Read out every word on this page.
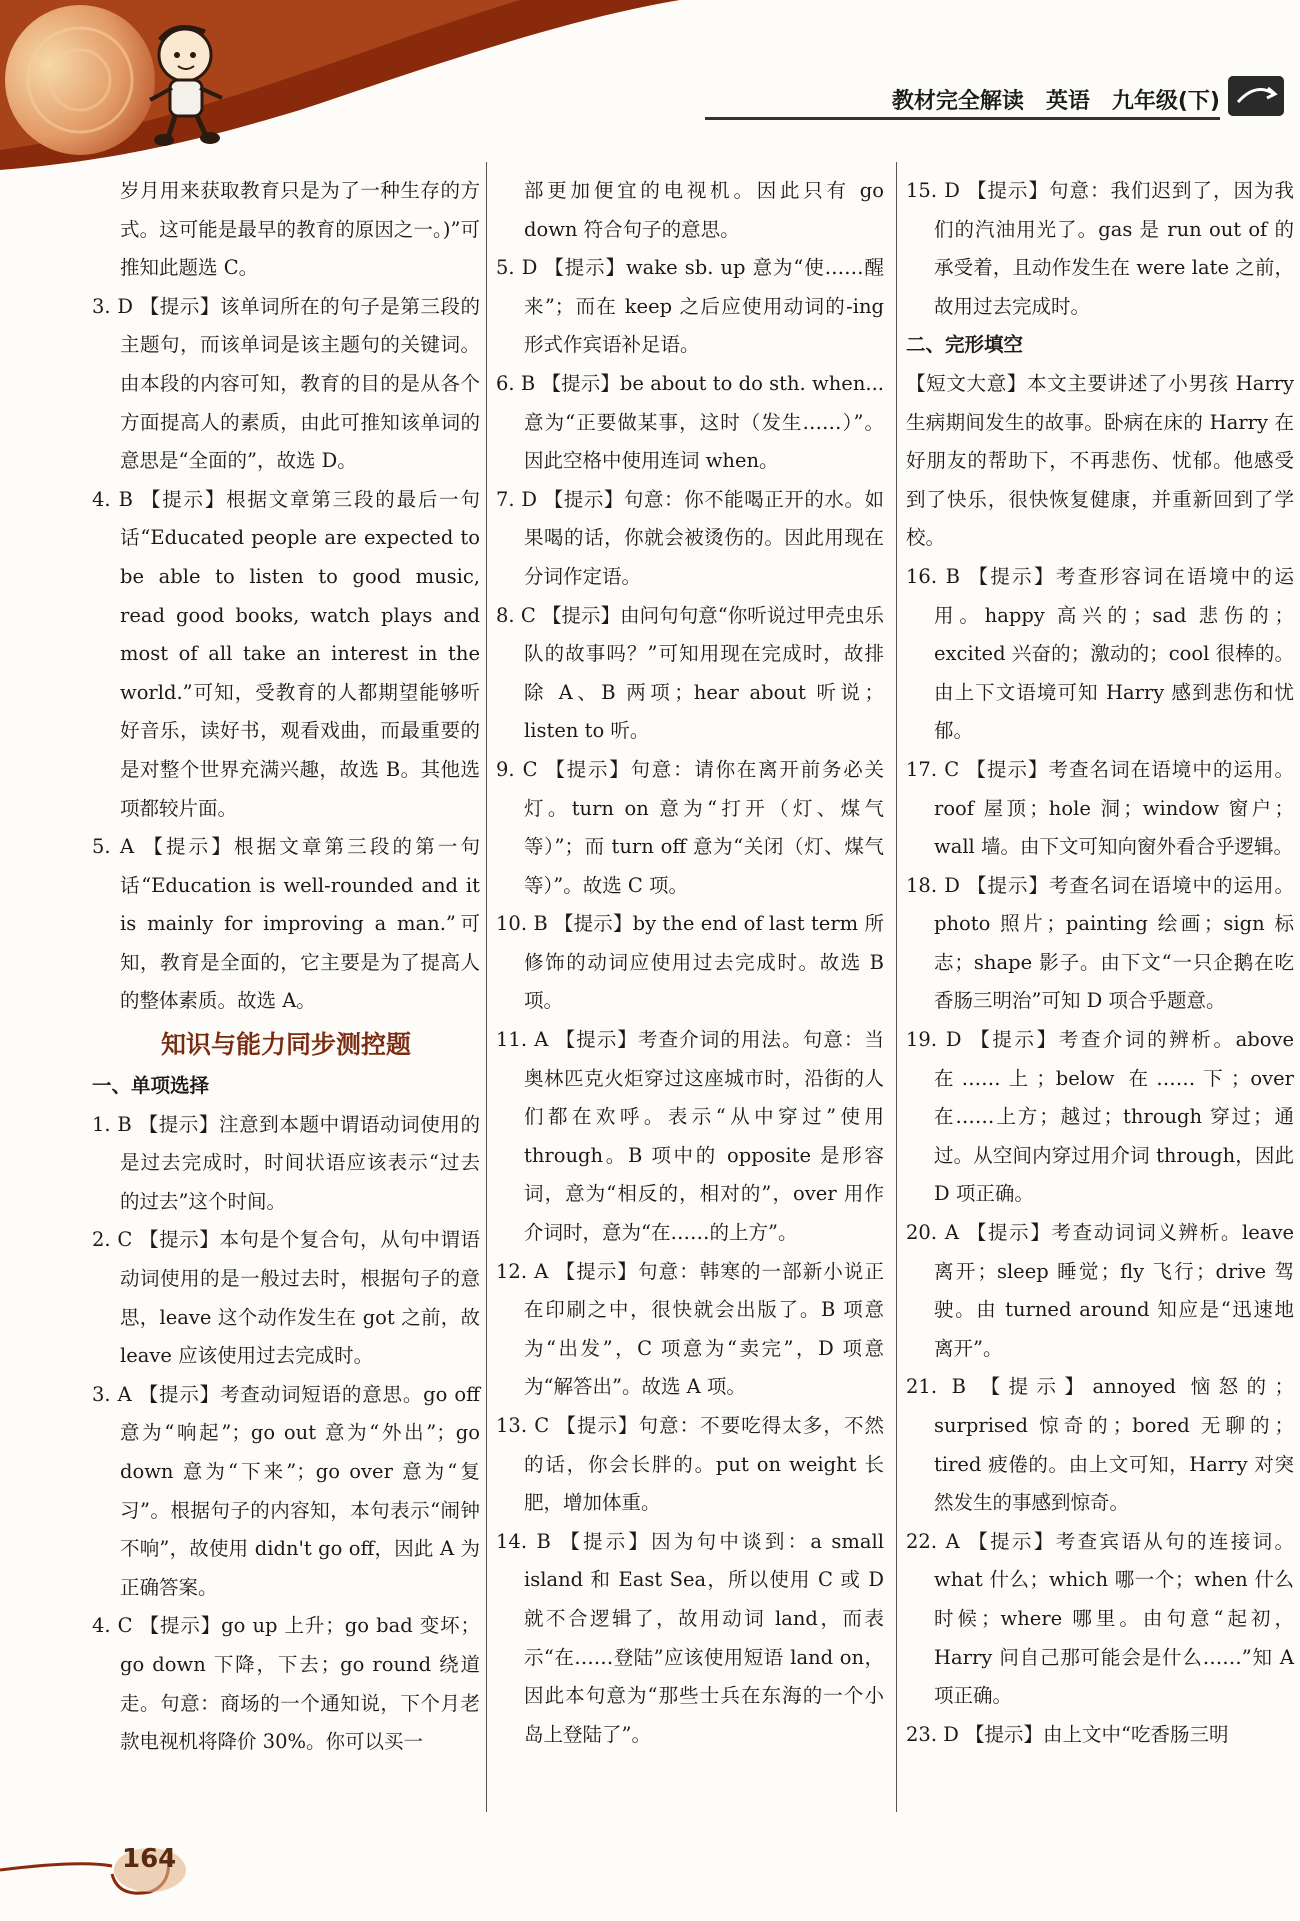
教材完全解读 英语 九年级(下)

岁月用来获取教育只是为了一种生存的方式。这可能是最早的教育的原因之一。)”可推知此题选 C。

3. D 【提示】该单词所在的句子是第三段的主题句，而该单词是该主题句的关键词。由本段的内容可知，教育的目的是从各个方面提高人的素质，由此可推知该单词的意思是“全面的”，故选 D。

4. B 【提示】根据文章第三段的最后一句话“Educated people are expected to be able to listen to good music, read good books, watch plays and most of all take an interest in the world.”可知，受教育的人都期望能够听好音乐，读好书，观看戏曲，而最重要的是对整个世界充满兴趣，故选 B。其他选项都较片面。

5. A 【提示】根据文章第三段的第一句话“Education is well-rounded and it is mainly for improving a man.”可知，教育是全面的，它主要是为了提高人的整体素质。故选 A。

知识与能力同步测控题

一、单项选择

1. B 【提示】注意到本题中谓语动词使用的是过去完成时，时间状语应该表示“过去的过去”这个时间。

2. C 【提示】本句是个复合句，从句中谓语动词使用的是一般过去时，根据句子的意思，leave 这个动作发生在 got 之前，故 leave 应该使用过去完成时。

3. A 【提示】考查动词短语的意思。go off 意为“响起”；go out 意为“外出”；go down 意为“下来”；go over 意为“复习”。根据句子的内容知，本句表示“闹钟不响”，故使用 didn't go off，因此 A 为正确答案。

4. C 【提示】go up 上升；go bad 变坏；go down 下降，下去；go round 绕道走。句意：商场的一个通知说，下个月老款电视机将降价 30%。你可以买一

部更加便宜的电视机。因此只有 go down 符合句子的意思。

5. D 【提示】wake sb. up 意为“使……醒来”；而在 keep 之后应使用动词的-ing 形式作宾语补足语。

6. B 【提示】be about to do sth. when... 意为“正要做某事，这时（发生……）”。因此空格中使用连词 when。

7. D 【提示】句意：你不能喝正开的水。如果喝的话，你就会被烫伤的。因此用现在分词作定语。

8. C 【提示】由问句句意“你听说过甲壳虫乐队的故事吗？”可知用现在完成时，故排除 A、B 两项；hear about 听说；listen to 听。

9. C 【提示】句意：请你在离开前务必关灯。turn on 意为“打开（灯、煤气等）”；而 turn off 意为“关闭（灯、煤气等）”。故选 C 项。

10. B 【提示】by the end of last term 所修饰的动词应使用过去完成时。故选 B 项。

11. A 【提示】考查介词的用法。句意：当奥林匹克火炬穿过这座城市时，沿街的人们都在欢呼。表示“从中穿过”使用 through。B 项中的 opposite 是形容词，意为“相反的，相对的”，over 用作介词时，意为“在……的上方”。

12. A 【提示】句意：韩寒的一部新小说正在印刷之中，很快就会出版了。B 项意为“出发”，C 项意为“卖完”，D 项意为“解答出”。故选 A 项。

13. C 【提示】句意：不要吃得太多，不然的话，你会长胖的。put on weight 长肥，增加体重。

14. B 【提示】因为句中谈到：a small island 和 East Sea，所以使用 C 或 D 就不合逻辑了，故用动词 land，而表示“在……登陆”应该使用短语 land on，因此本句意为“那些士兵在东海的一个小岛上登陆了”。

15. D 【提示】句意：我们迟到了，因为我们的汽油用光了。gas 是 run out of 的承受着，且动作发生在 were late 之前，故用过去完成时。

二、完形填空

【短文大意】本文主要讲述了小男孩 Harry 生病期间发生的故事。卧病在床的 Harry 在好朋友的帮助下，不再悲伤、忧郁。他感受到了快乐，很快恢复健康，并重新回到了学校。

16. B 【提示】考查形容词在语境中的运用。happy 高兴的；sad 悲伤的；excited 兴奋的；激动的；cool 很棒的。由上下文语境可知 Harry 感到悲伤和忧郁。

17. C 【提示】考查名词在语境中的运用。roof 屋顶；hole 洞；window 窗户；wall 墙。由下文可知向窗外看合乎逻辑。

18. D 【提示】考查名词在语境中的运用。photo 照片；painting 绘画；sign 标志；shape 影子。由下文“一只企鹅在吃香肠三明治”可知 D 项合乎题意。

19. D 【提示】考查介词的辨析。above 在……上；below 在……下；over 在……上方；越过；through 穿过；通过。从空间内穿过用介词 through，因此 D 项正确。

20. A 【提示】考查动词词义辨析。leave 离开；sleep 睡觉；fly 飞行；drive 驾驶。由 turned around 知应是“迅速地离开”。

21. B 【提示】annoyed 恼怒的；surprised 惊奇的；bored 无聊的；tired 疲倦的。由上文可知，Harry 对突然发生的事感到惊奇。

22. A 【提示】考查宾语从句的连接词。what 什么；which 哪一个；when 什么时候；where 哪里。由句意“起初，Harry 问自己那可能会是什么……”知 A 项正确。

23. D 【提示】由上文中“吃香肠三明

164
